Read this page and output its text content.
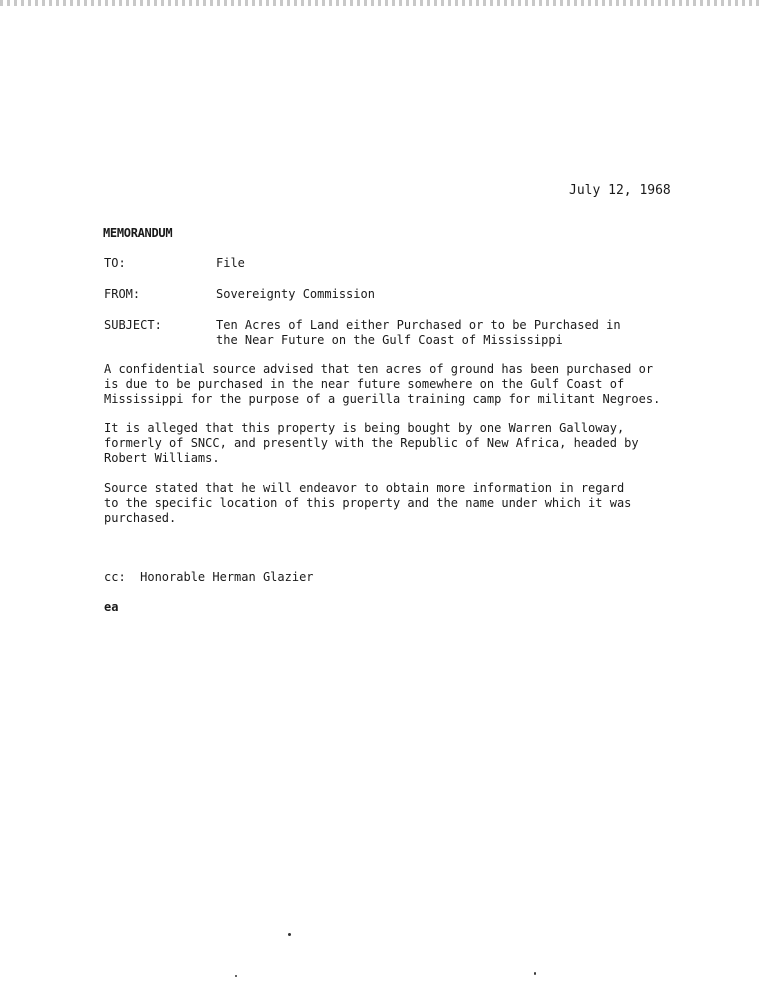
July 12, 1968
MEMORANDUM
TO:	File
FROM:	Sovereignty Commission
SUBJECT:	Ten Acres of Land either Purchased or to be Purchased in
the Near Future on the Gulf Coast of Mississippi
A confidential source advised that ten acres of ground has been purchased or
is due to be purchased in the near future somewhere on the Gulf Coast of
Mississippi for the purpose of a guerilla training camp for militant Negroes.
It is alleged that this property is being bought by one Warren Galloway,
formerly of SNCC, and presently with the Republic of New Africa, headed by
Robert Williams.
Source stated that he will endeavor to obtain more information in regard
to the specific location of this property and the name under which it was
purchased.
cc:  Honorable Herman Glazier
ea
